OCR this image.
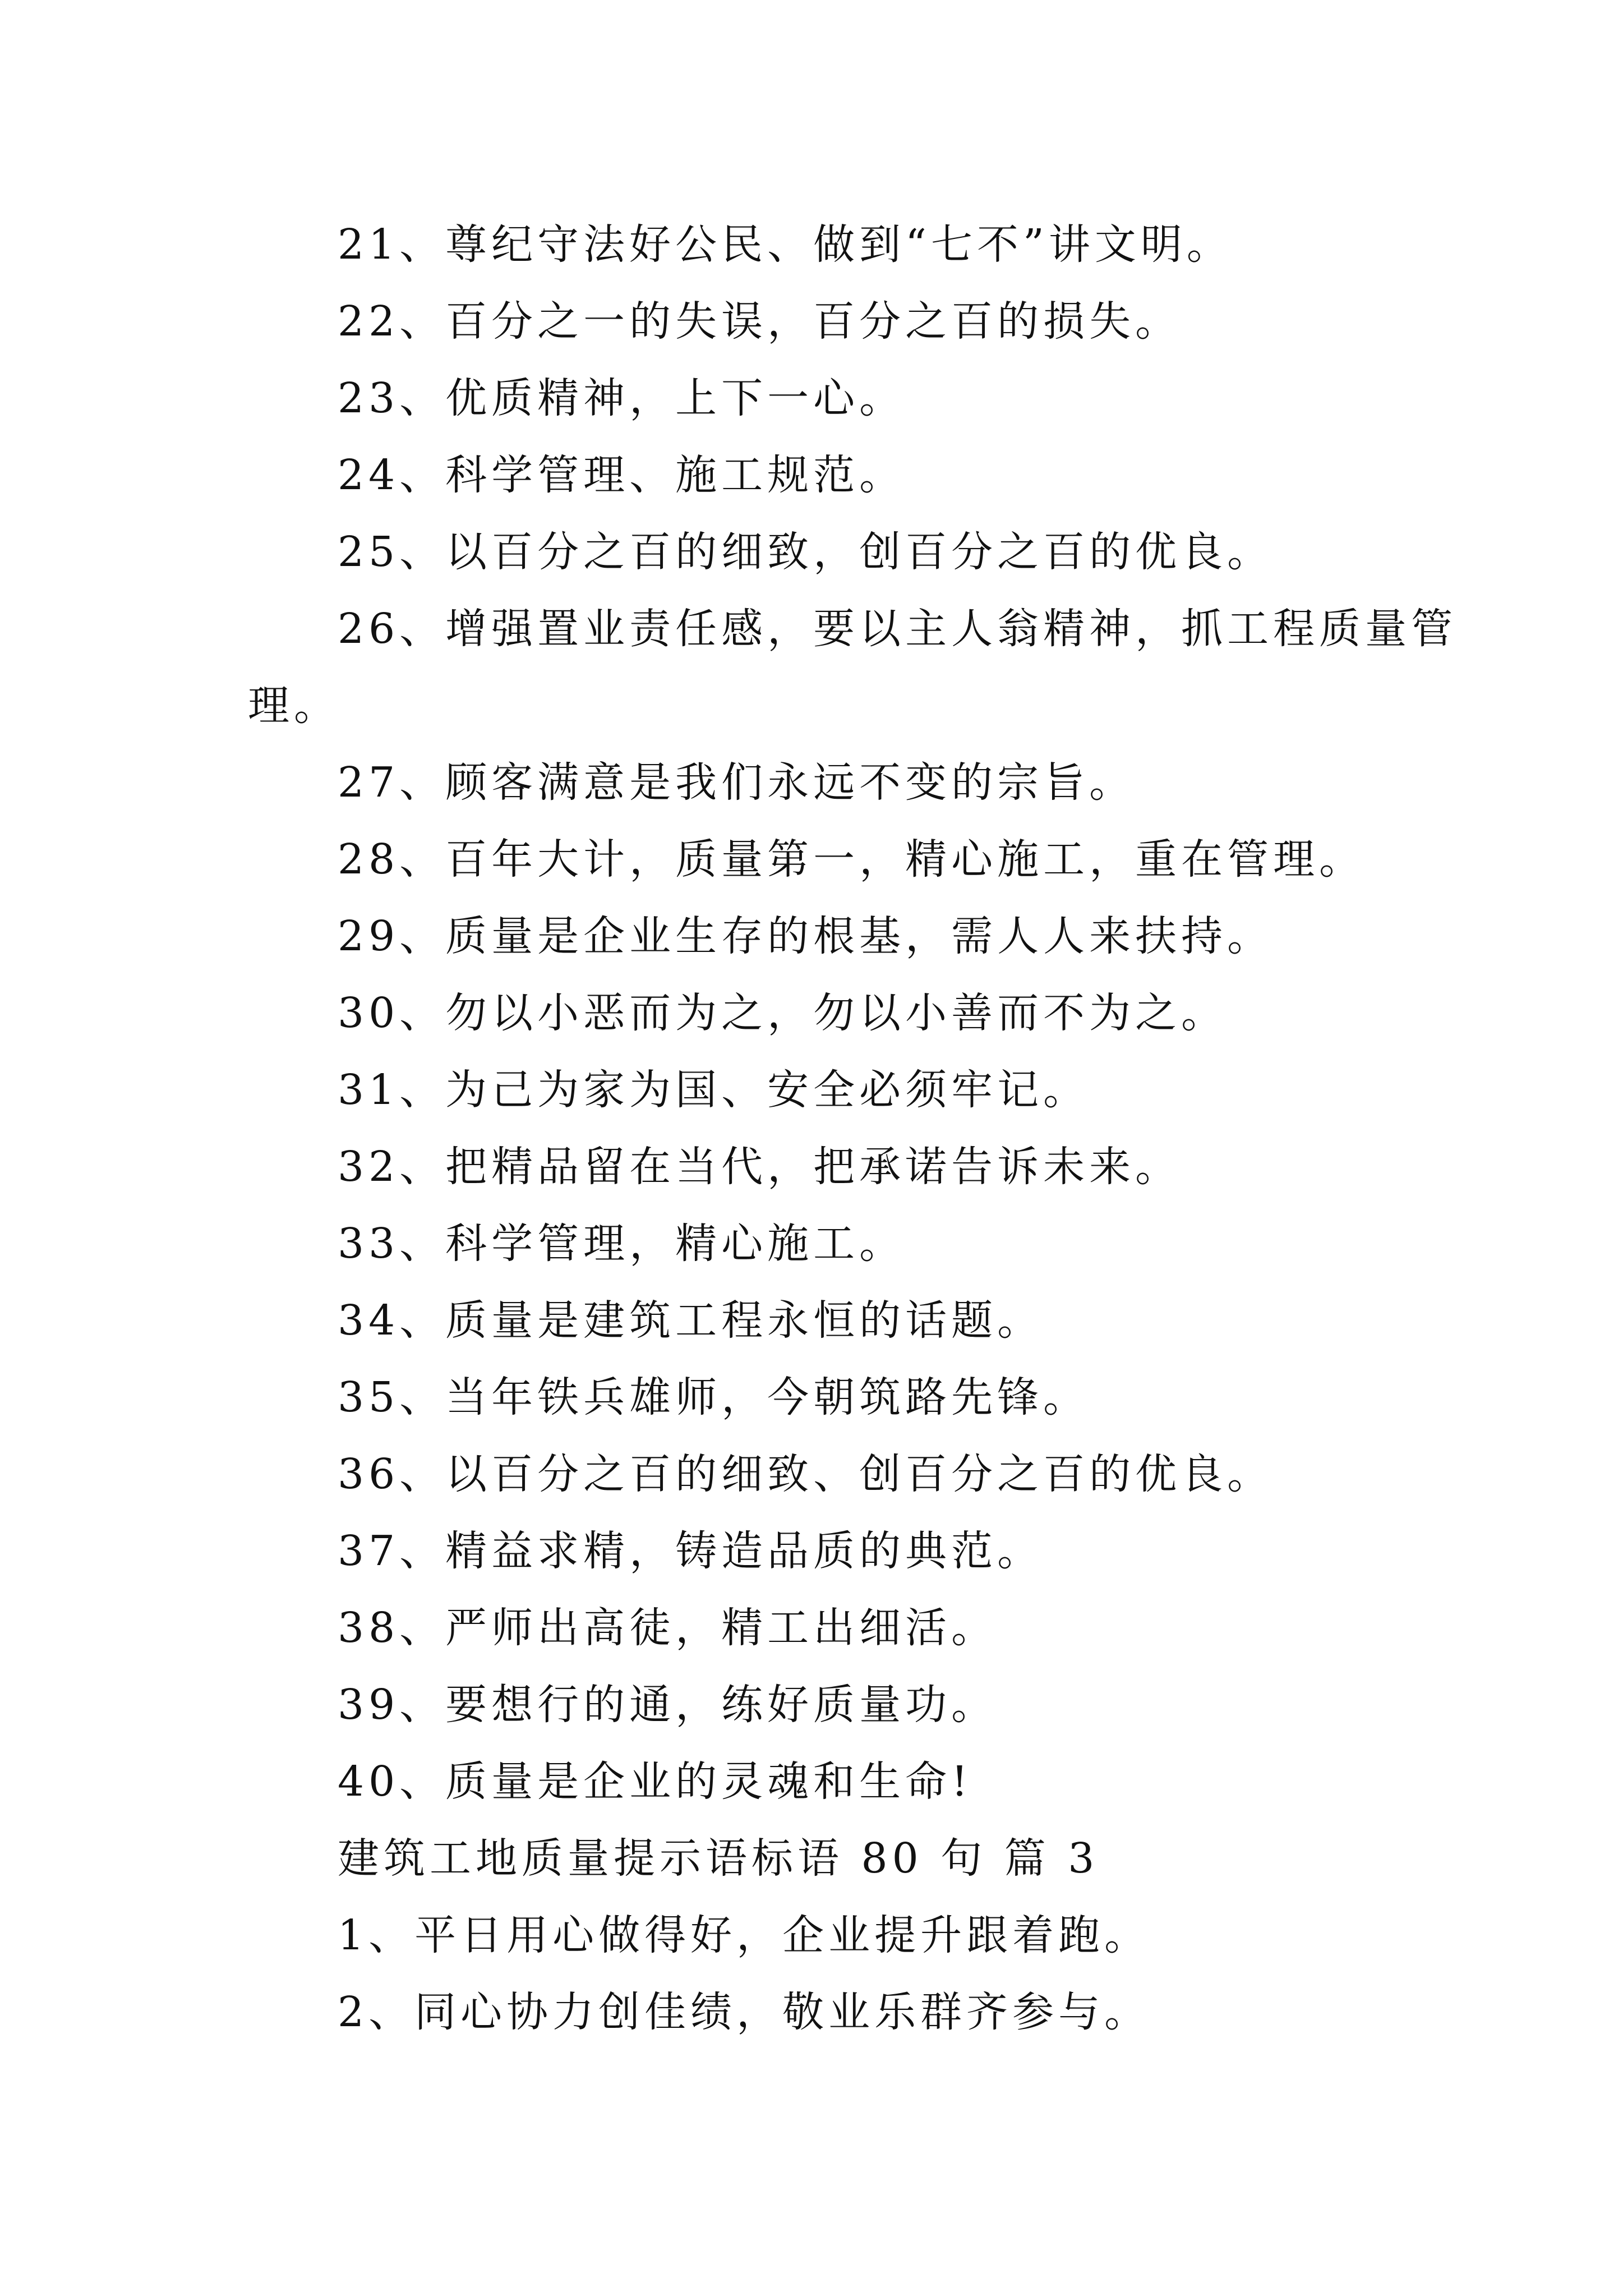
21、尊纪守法好公民、做到“七不”讲文明。
22、百分之一的失误，百分之百的损失。
23、优质精神，上下一心。
24、科学管理、施工规范。
25、以百分之百的细致，创百分之百的优良。
26、增强置业责任感，要以主人翁精神，抓工程质量管
理。
27、顾客满意是我们永远不变的宗旨。
28、百年大计，质量第一，精心施工，重在管理。
29、质量是企业生存的根基，需人人来扶持。
30、勿以小恶而为之，勿以小善而不为之。
31、为己为家为国、安全必须牢记。
32、把精品留在当代，把承诺告诉未来。
33、科学管理，精心施工。
34、质量是建筑工程永恒的话题。
35、当年铁兵雄师，今朝筑路先锋。
36、以百分之百的细致、创百分之百的优良。
37、精益求精，铸造品质的典范。
38、严师出高徒，精工出细活。
39、要想行的通，练好质量功。
40、质量是企业的灵魂和生命!
建筑工地质量提示语标语 80 句 篇 3
1、平日用心做得好，企业提升跟着跑。
2、同心协力创佳绩，敬业乐群齐参与。
